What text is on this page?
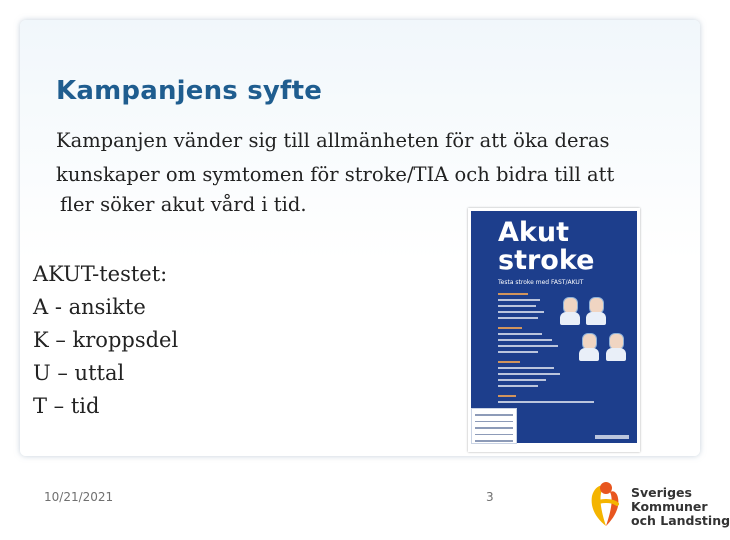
Kampanjens syfte
Kampanjen vänder sig till allmänheten för att öka deras
kunskaper om symtomen för stroke/TIA och bidra till att
fler söker akut vård i tid.
AKUT-testet:
A - ansikte
K – kroppsdel
U – uttal
T – tid
Akut
stroke
Testa stroke med FAST/AKUT
10/21/2021	3	Sveriges
Kommuner
och Landsting
